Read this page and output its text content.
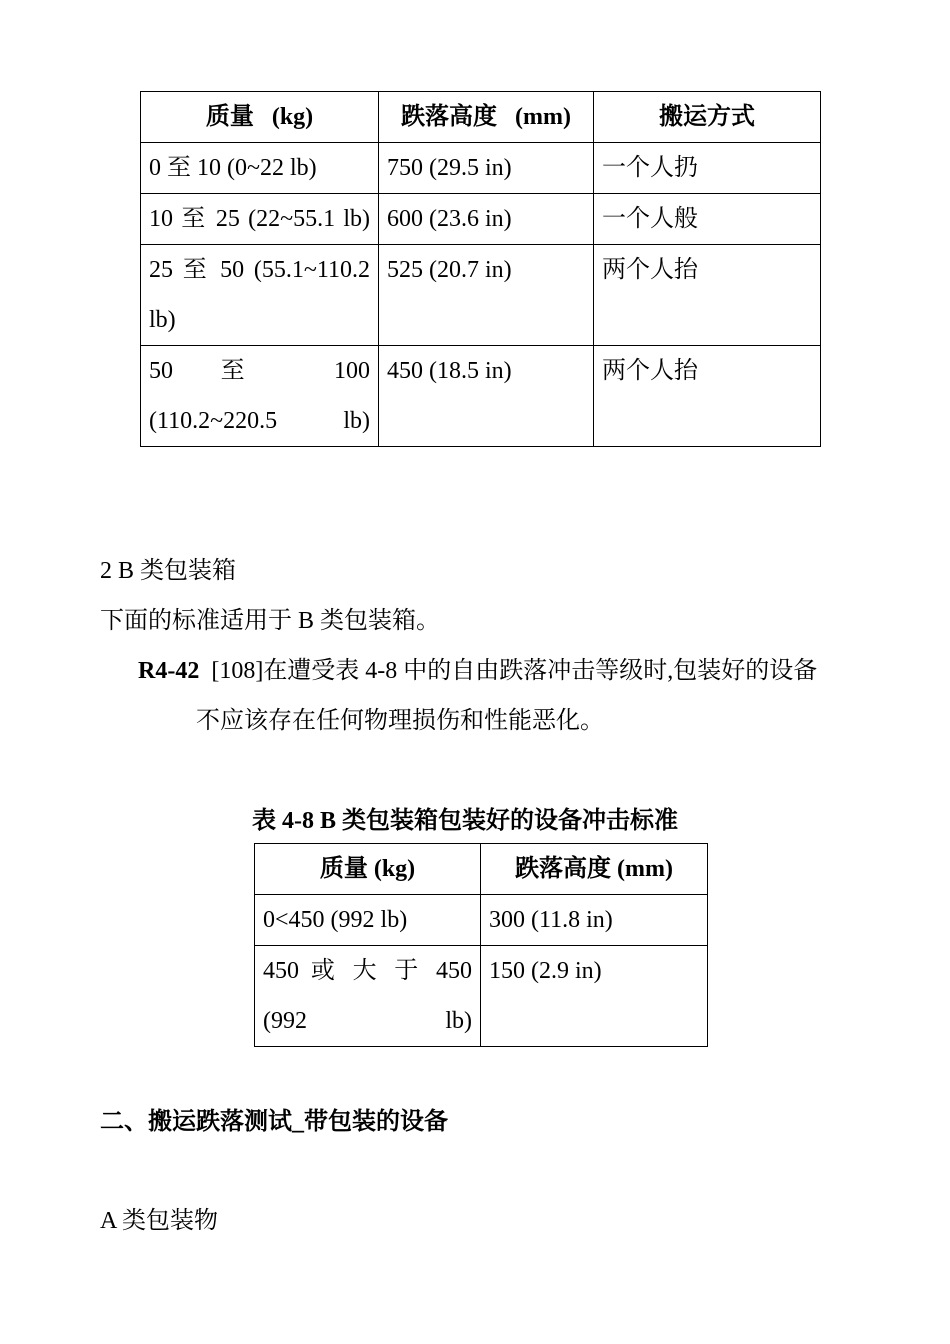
质量   (kg)	跌落高度   (mm)	搬运方式
0 至 10 (0~22 lb)	750 (29.5 in)	一个人扔
10 至 25 (22~55.1 lb)	600 (23.6 in)	一个人般
25 至 50 (55.1~110.2 lb)	525 (20.7 in)	两个人抬
50 至 100 (110.2~220.5 lb)	450 (18.5 in)	两个人抬
2 B 类包装箱
下面的标准适用于 B 类包装箱。
R4-42 [108]在遭受表 4-8 中的自由跌落冲击等级时,包装好的设备
不应该存在任何物理损伤和性能恶化。
表 4-8 B 类包装箱包装好的设备冲击标准
质量 (kg)	跌落高度 (mm)
0<450 (992 lb)	300 (11.8 in)
450 或 大 于 450 (992 lb)	150 (2.9 in)
二、搬运跌落测试_带包装的设备
A 类包装物
